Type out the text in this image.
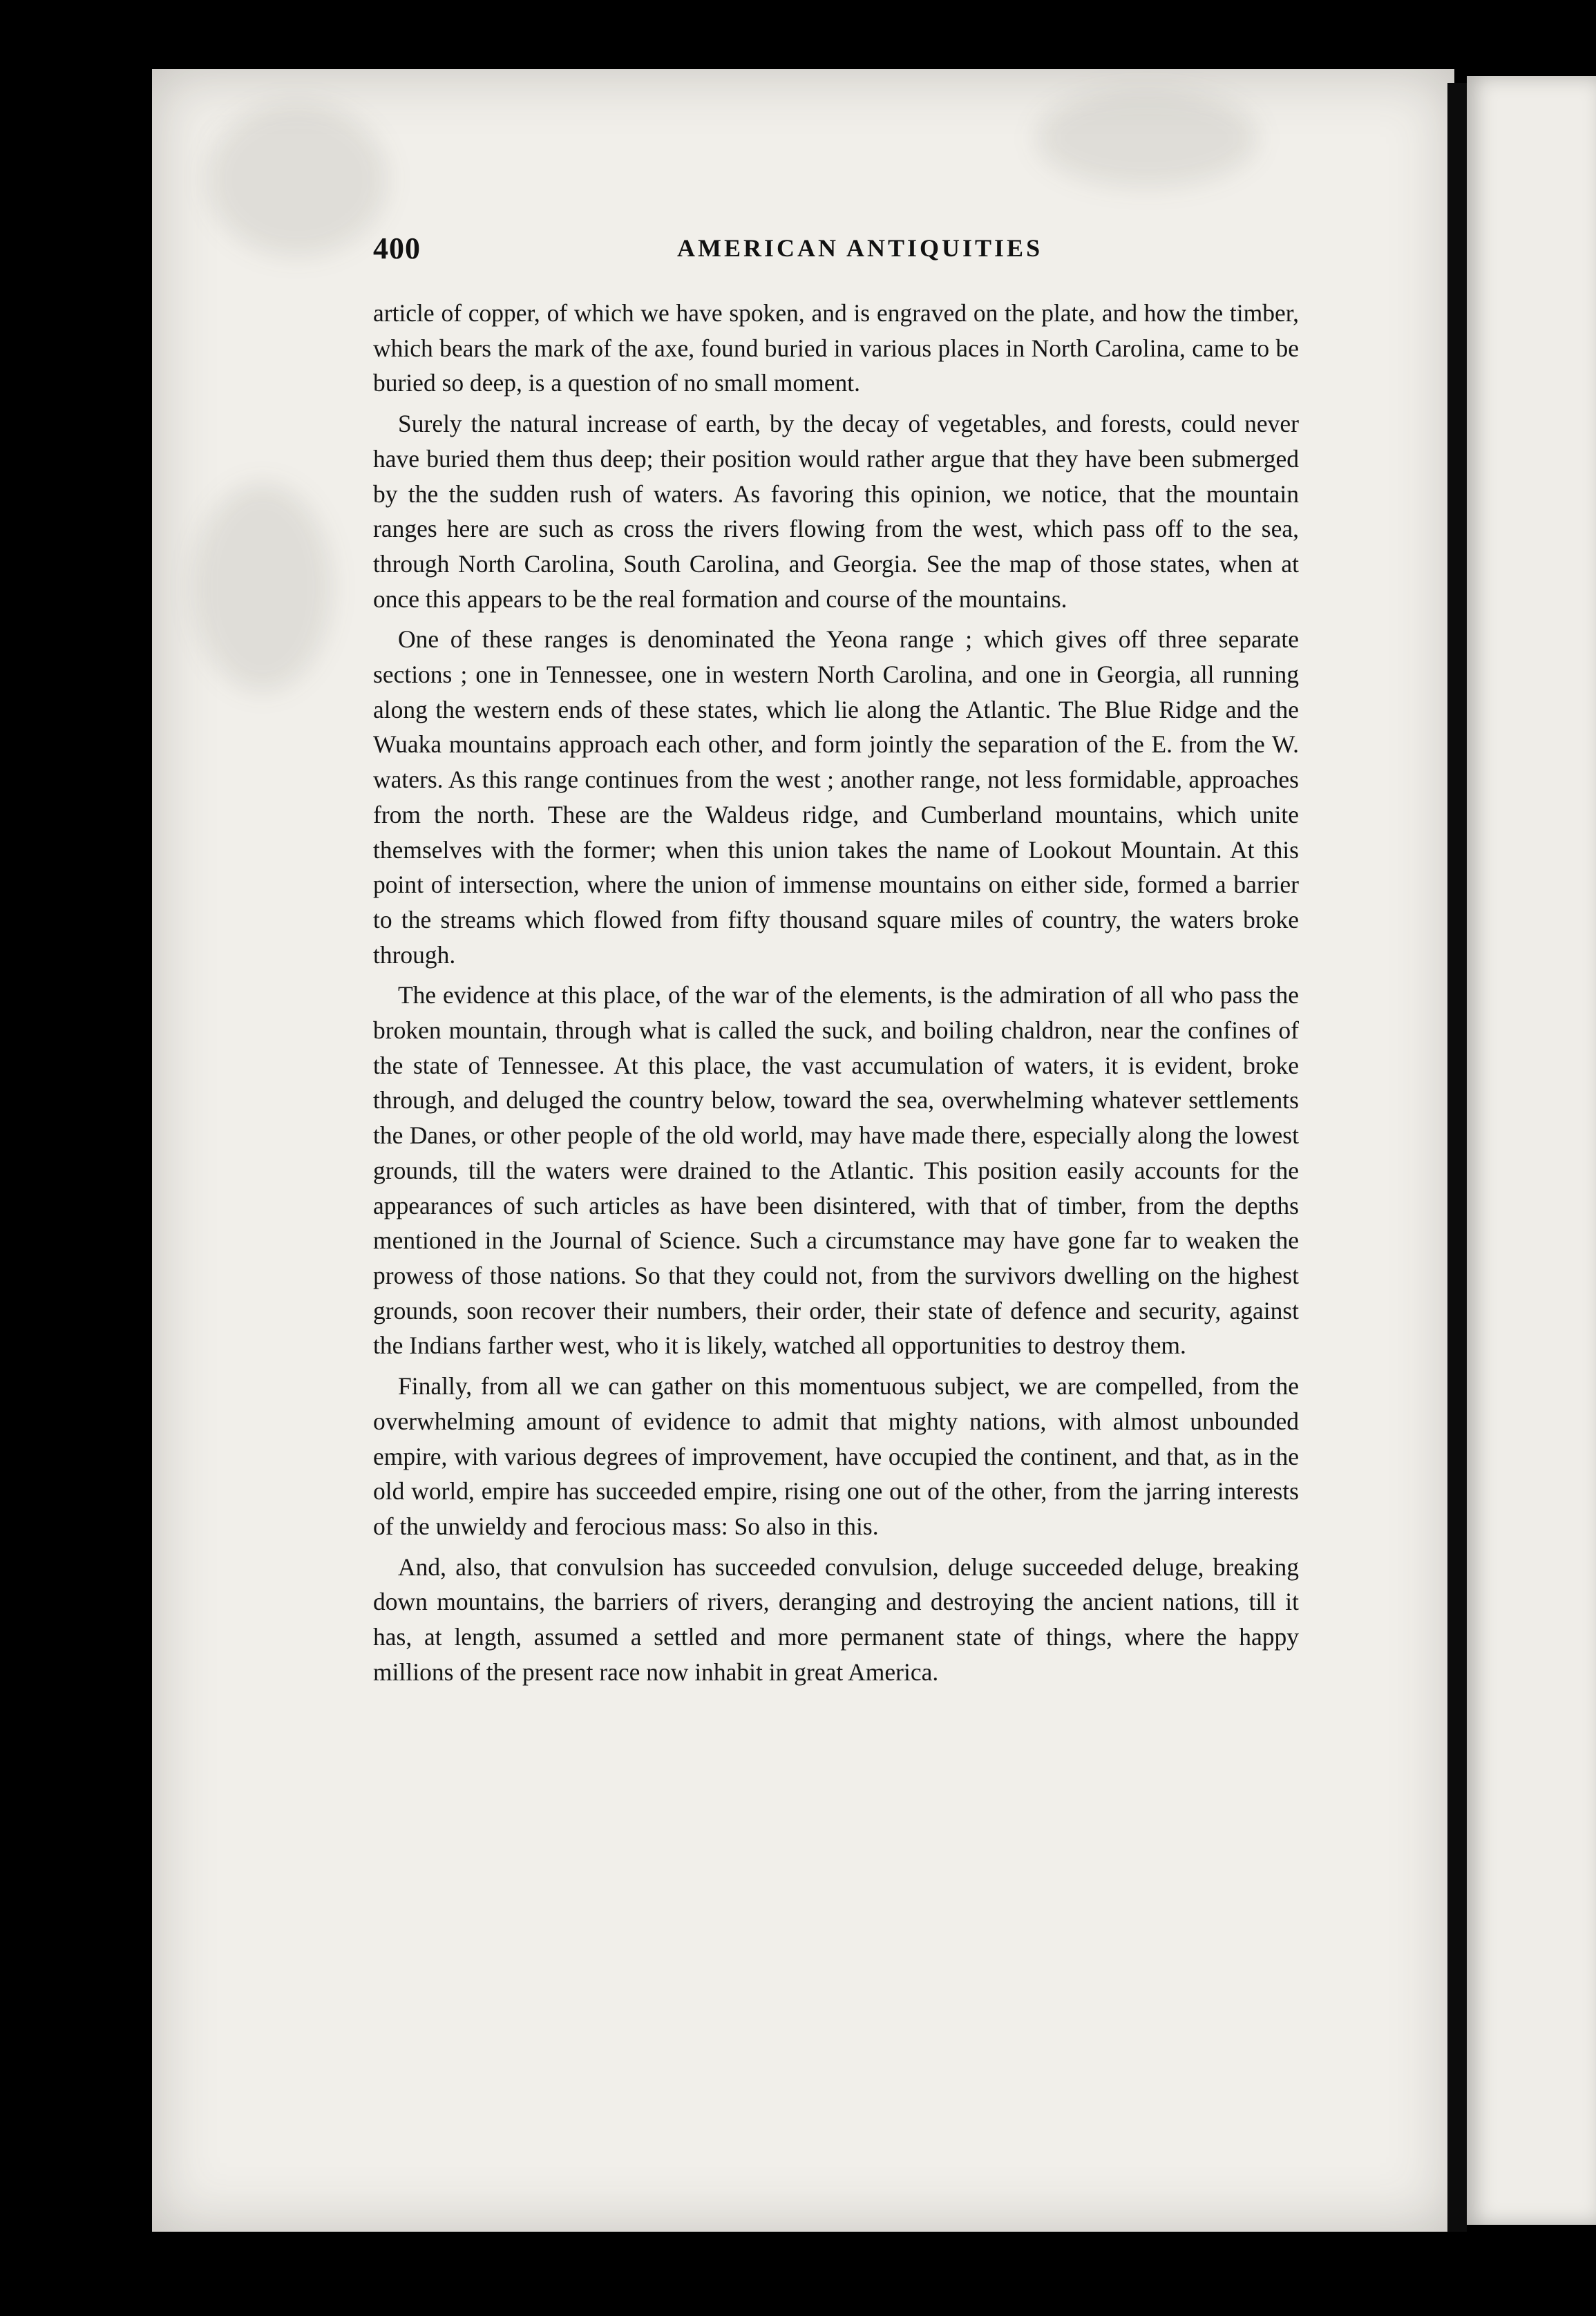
400	AMERICAN ANTIQUITIES

article of copper, of which we have spoken, and is engraved on the plate, and how the timber, which bears the mark of the axe, found buried in various places in North Carolina, came to be buried so deep, is a question of no small moment.

Surely the natural increase of earth, by the decay of vegetables, and forests, could never have buried them thus deep; their position would rather argue that they have been submerged by the the sudden rush of waters. As favoring this opinion, we notice, that the mountain ranges here are such as cross the rivers flowing from the west, which pass off to the sea, through North Carolina, South Carolina, and Georgia. See the map of those states, when at once this appears to be the real formation and course of the mountains.

One of these ranges is denominated the Yeona range ; which gives off three separate sections ; one in Tennessee, one in western North Carolina, and one in Georgia, all running along the western ends of these states, which lie along the Atlantic. The Blue Ridge and the Wuaka mountains approach each other, and form jointly the separation of the E. from the W. waters. As this range continues from the west ; another range, not less formidable, approaches from the north. These are the Waldeus ridge, and Cumberland mountains, which unite themselves with the former; when this union takes the name of Lookout Mountain. At this point of intersection, where the union of immense mountains on either side, formed a barrier to the streams which flowed from fifty thousand square miles of country, the waters broke through.

The evidence at this place, of the war of the elements, is the admiration of all who pass the broken mountain, through what is called the suck, and boiling chaldron, near the confines of the state of Tennessee. At this place, the vast accumulation of waters, it is evident, broke through, and deluged the country below, toward the sea, overwhelming whatever settlements the Danes, or other people of the old world, may have made there, especially along the lowest grounds, till the waters were drained to the Atlantic. This position easily accounts for the appearances of such articles as have been disintered, with that of timber, from the depths mentioned in the Journal of Science. Such a circumstance may have gone far to weaken the prowess of those nations. So that they could not, from the survivors dwelling on the highest grounds, soon recover their numbers, their order, their state of defence and security, against the Indians farther west, who it is likely, watched all opportunities to destroy them.

Finally, from all we can gather on this momentuous subject, we are compelled, from the overwhelming amount of evidence to admit that mighty nations, with almost unbounded empire, with various degrees of improvement, have occupied the continent, and that, as in the old world, empire has succeeded empire, rising one out of the other, from the jarring interests of the unwieldy and ferocious mass: So also in this.

And, also, that convulsion has succeeded convulsion, deluge succeeded deluge, breaking down mountains, the barriers of rivers, deranging and destroying the ancient nations, till it has, at length, assumed a settled and more permanent state of things, where the happy millions of the present race now inhabit in great America.
